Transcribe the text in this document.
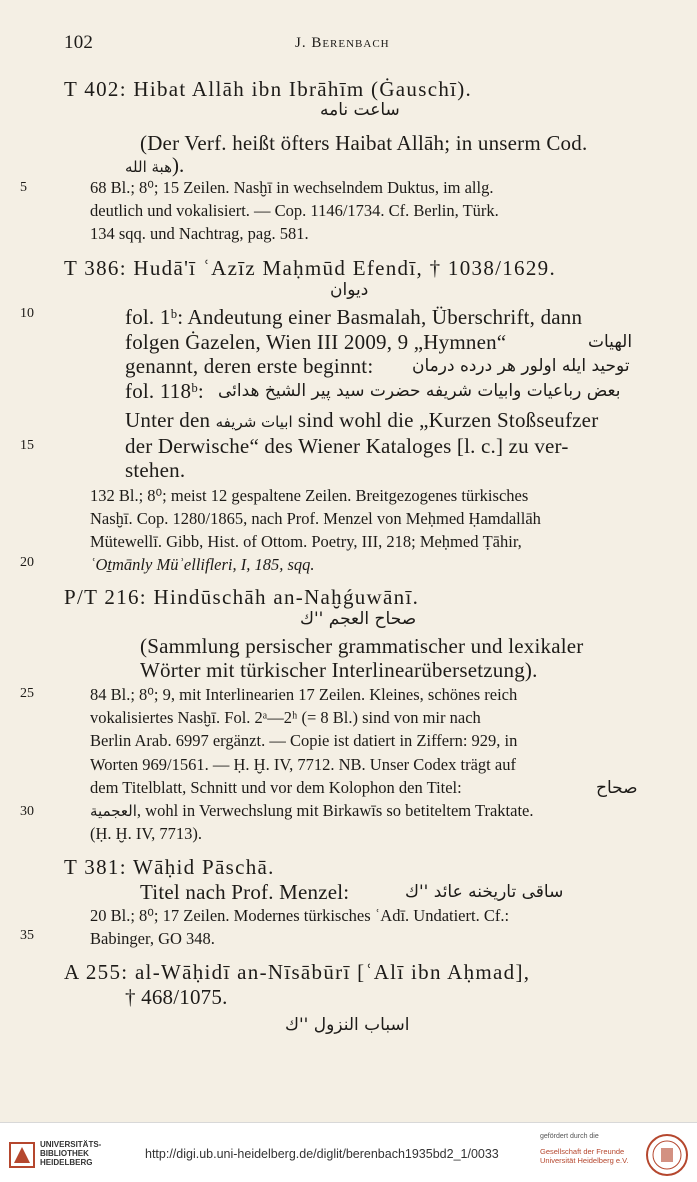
102	J. Berenbach
5
10
15
20
25
30
35
T 402: Hibat Allāh ibn Ibrāhīm (Ġauschī).
ساعت نامه
(Der Verf. heißt öfters Haibat Allāh; in unserm Cod.
هبة الله).
68 Bl.; 8⁰; 15 Zeilen. Nasḫī in wechselndem Duktus, im allg.
deutlich und vokalisiert. — Cop. 1146/1734. Cf. Berlin, Türk.
134 sqq. und Nachtrag, pag. 581.
T 386: Hudā'ī ʿAzīz Maḥmūd Efendī, † 1038/1629.
ديوان
fol. 1ᵇ: Andeutung einer Basmalah, Überschrift, dann
folgen Ġazelen, Wien III 2009, 9 „Hymnen“	الهيات
genannt, deren erste beginnt: توحيد ايله اولور هر درده درمان
fol. 118ᵇ: بعض رباعيات وابيات شريفه حضرت سيد پير الشيخ هدائى
Unter den ابيات شريفه sind wohl die „Kurzen Stoßseufzer
der Derwische“ des Wiener Kataloges [l. c.] zu ver-
stehen.
132 Bl.; 8⁰; meist 12 gespaltene Zeilen. Breitgezogenes türkisches
Nasḫī. Cop. 1280/1865, nach Prof. Menzel von Meḥmed Ḥamdallāh
Mütewellī. Gibb, Hist. of Ottom. Poetry, III, 218; Meḥmed Ṭāhir,
ʿOṯmānly Müʾellifleri, I, 185, sqq.
P/T 216: Hindūschāh an-Naḫǵuwānī.
صحاح العجم ''ك
(Sammlung persischer grammatischer und lexikaler
Wörter mit türkischer Interlinearübersetzung).
84 Bl.; 8⁰; 9, mit Interlinearien 17 Zeilen. Kleines, schönes reich
vokalisiertes Nasḫī. Fol. 2ᵃ—2ʰ (= 8 Bl.) sind von mir nach
Berlin Arab. 6997 ergänzt. — Copie ist datiert in Ziffern: 929, in
Worten 969/1561. — Ḥ. Ḫ. IV, 7712. NB. Unser Codex trägt auf
dem Titelblatt, Schnitt und vor dem Kolophon den Titel:	صحاح
العجمية, wohl in Verwechslung mit Birkawīs so betiteltem Traktate.
(Ḥ. Ḫ. IV, 7713).
T 381: Wāḥid Pāschā.
Titel nach Prof. Menzel:	ساقى تاريخنه عائد ''ك
20 Bl.; 8⁰; 17 Zeilen. Modernes türkisches ʿAdī. Undatiert. Cf.:
Babinger, GO 348.
A 255: al-Wāḥidī an-Nīsābūrī [ʿAlī ibn Aḥmad],
† 468/1075.
اسباب النزول ''ك
UNIVERSITÄTS-
BIBLIOTHEK
HEIDELBERG
http://digi.ub.uni-heidelberg.de/diglit/berenbach1935bd2_1/0033
gefördert durch die
Gesellschaft der Freunde
Universität Heidelberg e.V.
